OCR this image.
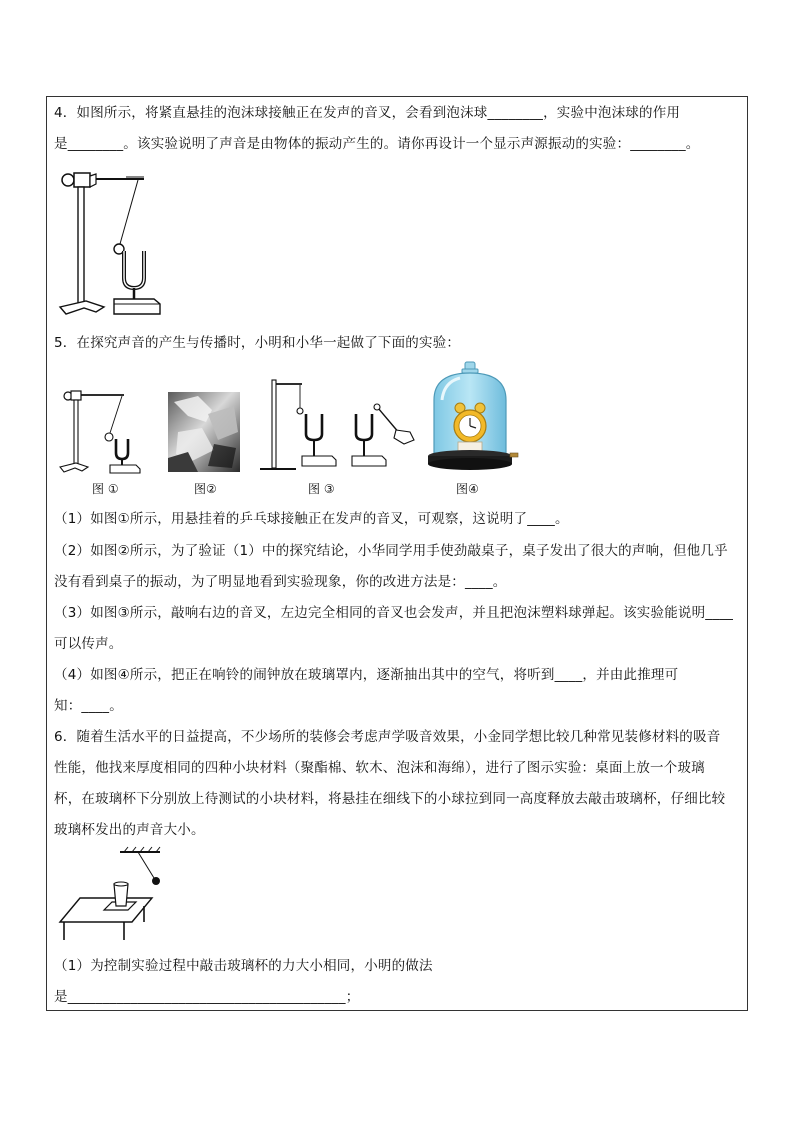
4．如图所示，将紧直悬挂的泡沫球接触正在发声的音叉，会看到泡沫球________，实验中泡沫球的作用
是________。该实验说明了声音是由物体的振动产生的。请你再设计一个显示声源振动的实验：________。
5．在探究声音的产生与传播时，小明和小华一起做了下面的实验：
图 ①	图②	图 ③	图④
（1）如图①所示，用悬挂着的乒乓球接触正在发声的音叉，可观察，这说明了____。
（2）如图②所示，为了验证（1）中的探究结论，小华同学用手使劲敲桌子，桌子发出了很大的声响，但他几乎
没有看到桌子的振动，为了明显地看到实验现象，你的改进方法是：____。
（3）如图③所示，敲响右边的音叉，左边完全相同的音叉也会发声，并且把泡沫塑料球弹起。该实验能说明____
可以传声。
（4）如图④所示，把正在响铃的闹钟放在玻璃罩内，逐渐抽出其中的空气，将听到____，并由此推理可
知：____。
6．随着生活水平的日益提高，不少场所的装修会考虑声学吸音效果，小金同学想比较几种常见装修材料的吸音
性能，他找来厚度相同的四种小块材料（聚酯棉、软木、泡沫和海绵），进行了图示实验：桌面上放一个玻璃
杯，在玻璃杯下分别放上待测试的小块材料，将悬挂在细线下的小球拉到同一高度释放去敲击玻璃杯，仔细比较
玻璃杯发出的声音大小。
（1）为控制实验过程中敲击玻璃杯的力大小相同，小明的做法
是________________________________________；
